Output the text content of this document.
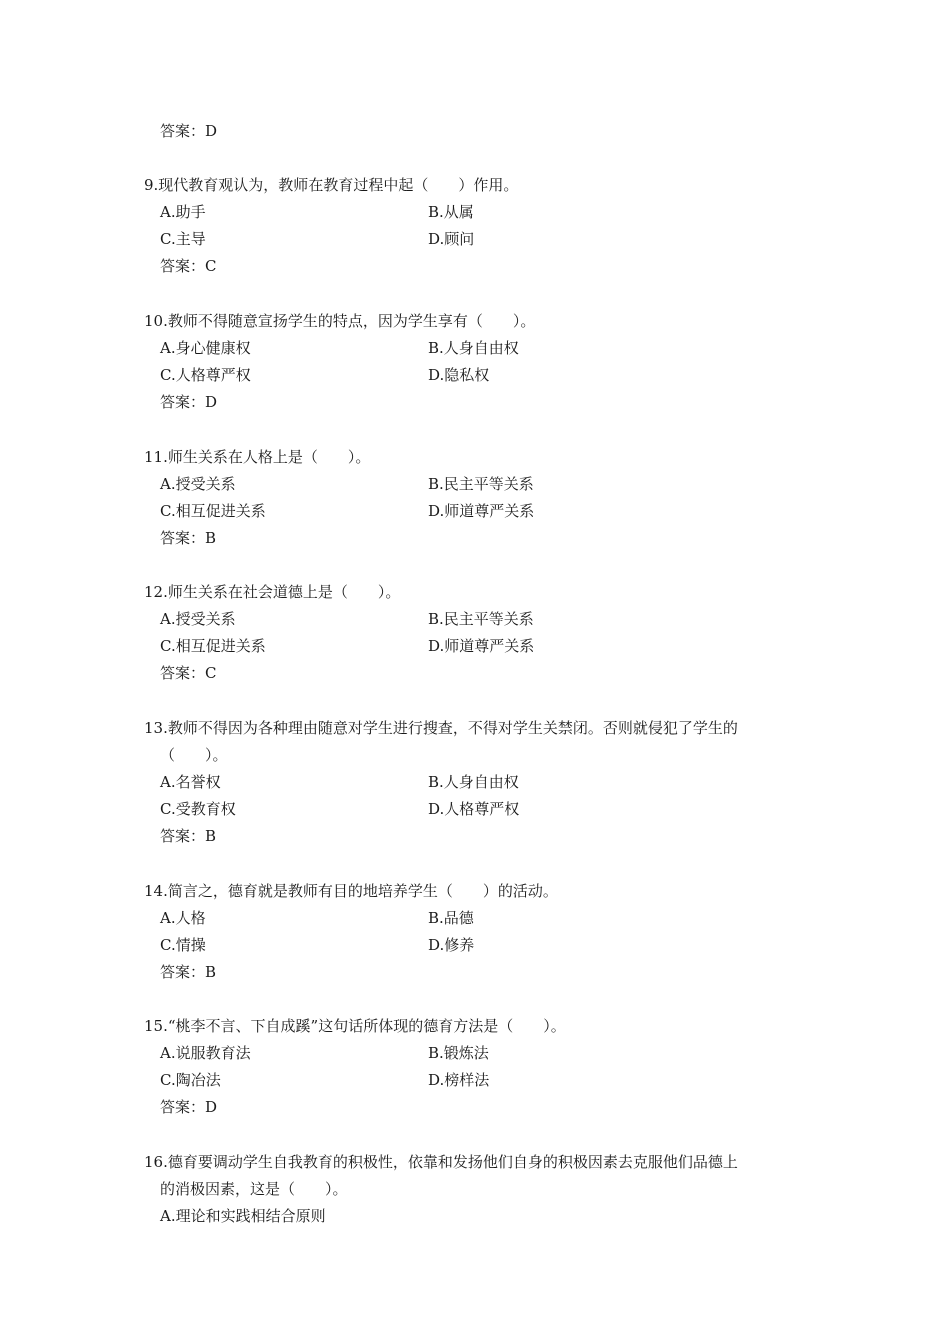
答案：D
9.现代教育观认为，教师在教育过程中起（　　）作用。
A.助手	B.从属
C.主导	D.顾问
答案：C
10.教师不得随意宣扬学生的特点，因为学生享有（　　）。
A.身心健康权	B.人身自由权
C.人格尊严权	D.隐私权
答案：D
11.师生关系在人格上是（　　）。
A.授受关系	B.民主平等关系
C.相互促进关系	D.师道尊严关系
答案：B
12.师生关系在社会道德上是（　　）。
A.授受关系	B.民主平等关系
C.相互促进关系	D.师道尊严关系
答案：C
13.教师不得因为各种理由随意对学生进行搜查，不得对学生关禁闭。否则就侵犯了学生的
（　　）。
A.名誉权	B.人身自由权
C.受教育权	D.人格尊严权
答案：B
14.简言之，德育就是教师有目的地培养学生（　　）的活动。
A.人格	B.品德
C.情操	D.修养
答案：B
15.“桃李不言、下自成蹊”这句话所体现的德育方法是（　　）。
A.说服教育法	B.锻炼法
C.陶冶法	D.榜样法
答案：D
16.德育要调动学生自我教育的积极性，依靠和发扬他们自身的积极因素去克服他们品德上
的消极因素，这是（　　）。
A.理论和实践相结合原则
